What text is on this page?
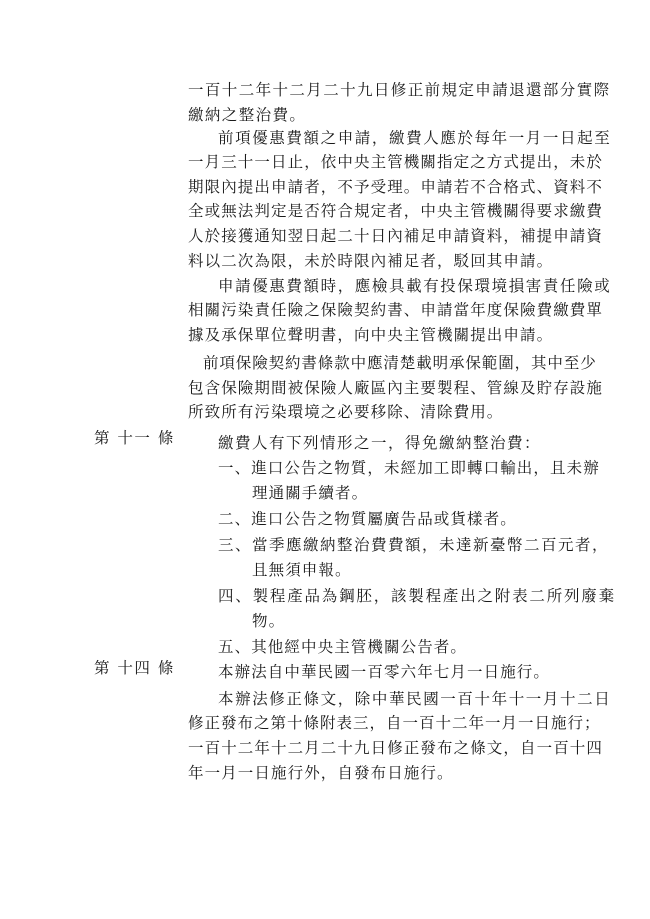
一百十二年十二月二十九日修正前規定申請退還部分實際
繳納之整治費。
前項優惠費額之申請，繳費人應於每年一月一日起至
一月三十一日止，依中央主管機關指定之方式提出，未於
期限內提出申請者，不予受理。申請若不合格式、資料不
全或無法判定是否符合規定者，中央主管機關得要求繳費
人於接獲通知翌日起二十日內補足申請資料，補提申請資
料以二次為限，未於時限內補足者，駁回其申請。
申請優惠費額時，應檢具載有投保環境損害責任險或
相關污染責任險之保險契約書、申請當年度保險費繳費單
據及承保單位聲明書，向中央主管機關提出申請。
前項保險契約書條款中應清楚載明承保範圍，其中至少
包含保險期間被保險人廠區內主要製程、管線及貯存設施
所致所有污染環境之必要移除、清除費用。
第 十一 條	繳費人有下列情形之一，得免繳納整治費：
一、進口公告之物質，未經加工即轉口輸出，且未辦
理通關手續者。
二、進口公告之物質屬廣告品或貨樣者。
三、當季應繳納整治費費額，未達新臺幣二百元者，
且無須申報。
四、製程產品為鋼胚，該製程產出之附表二所列廢棄
物。
五、其他經中央主管機關公告者。
第 十四 條	本辦法自中華民國一百零六年七月一日施行。
本辦法修正條文，除中華民國一百十年十一月十二日
修正發布之第十條附表三，自一百十二年一月一日施行；
一百十二年十二月二十九日修正發布之條文，自一百十四
年一月一日施行外，自發布日施行。
